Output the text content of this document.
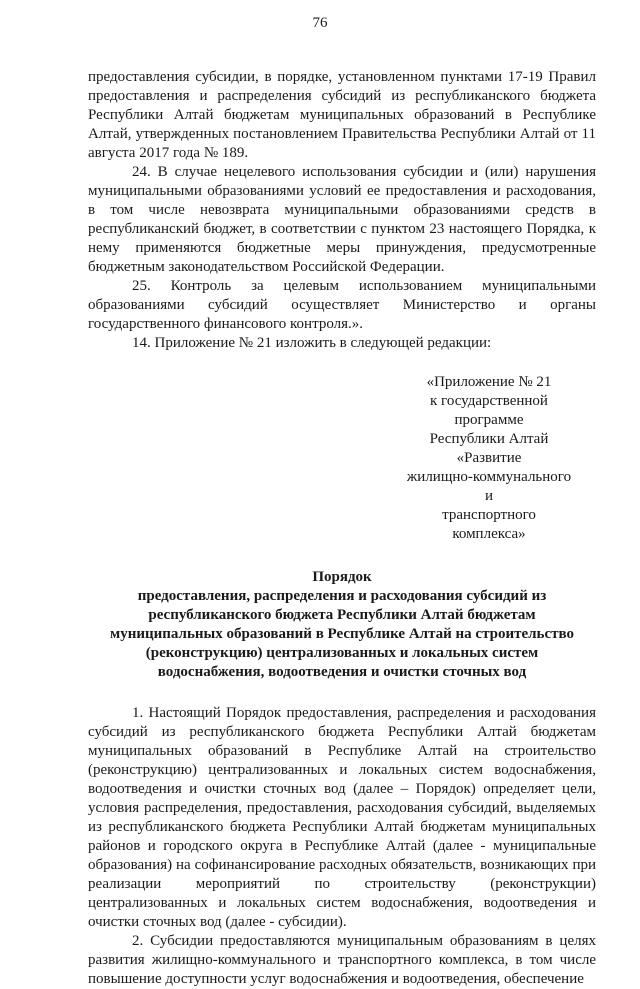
76

предоставления субсидии, в порядке, установленном пунктами 17-19 Правил предоставления и распределения субсидий из республиканского бюджета Республики Алтай бюджетам муниципальных образований в Республике Алтай, утвержденных постановлением Правительства Республики Алтай от 11 августа 2017 года № 189.

24. В случае нецелевого использования субсидии и (или) нарушения муниципальными образованиями условий ее предоставления и расходования, в том числе невозврата муниципальными образованиями средств в республиканский бюджет, в соответствии с пунктом 23 настоящего Порядка, к нему применяются бюджетные меры принуждения, предусмотренные бюджетным законодательством Российской Федерации.

25. Контроль за целевым использованием муниципальными образованиями субсидий осуществляет Министерство и органы государственного финансового контроля.».

14. Приложение № 21 изложить в следующей редакции:

«Приложение № 21
к государственной программе
Республики Алтай «Развитие
жилищно-коммунального и
транспортного комплекса»
Порядок
предоставления, распределения и расходования субсидий из республиканского бюджета Республики Алтай бюджетам муниципальных образований в Республике Алтай на строительство (реконструкцию) централизованных и локальных систем водоснабжения, водоотведения и очистки сточных вод

1. Настоящий Порядок предоставления, распределения и расходования субсидий из республиканского бюджета Республики Алтай бюджетам муниципальных образований в Республике Алтай на строительство (реконструкцию) централизованных и локальных систем водоснабжения, водоотведения и очистки сточных вод (далее – Порядок) определяет цели, условия распределения, предоставления, расходования субсидий, выделяемых из республиканского бюджета Республики Алтай бюджетам муниципальных районов и городского округа в Республике Алтай (далее - муниципальные образования) на софинансирование расходных обязательств, возникающих при реализации мероприятий по строительству (реконструкции) централизованных и локальных систем водоснабжения, водоотведения и очистки сточных вод (далее - субсидии).

2. Субсидии предоставляются муниципальным образованиям в целях развития жилищно-коммунального и транспортного комплекса, в том числе повышение доступности услуг водоснабжения и водоотведения, обеспечение
